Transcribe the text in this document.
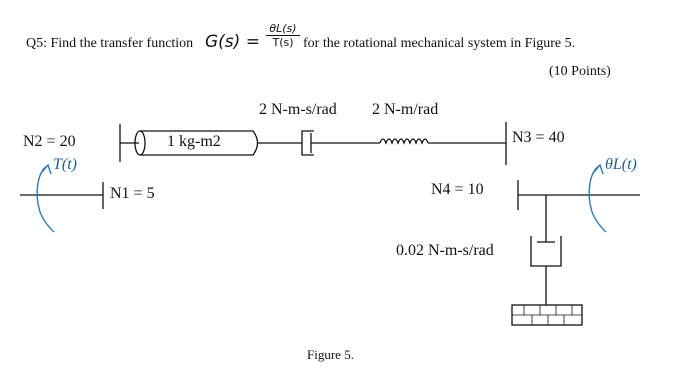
Q5: Find the transfer function $G(s) = \frac{\theta L(s)}{T(s)}$ for the rotational mechanical system in Figure 5.
(10 Points)
2 N-m-s/rad 2 N-m/rad
1 kg-m2
N2 = 20
T(t)
N1 = 5
N3 = 40
θL(t)
N4 = 10
0.02 N-m-s/rad
Figure 5.
